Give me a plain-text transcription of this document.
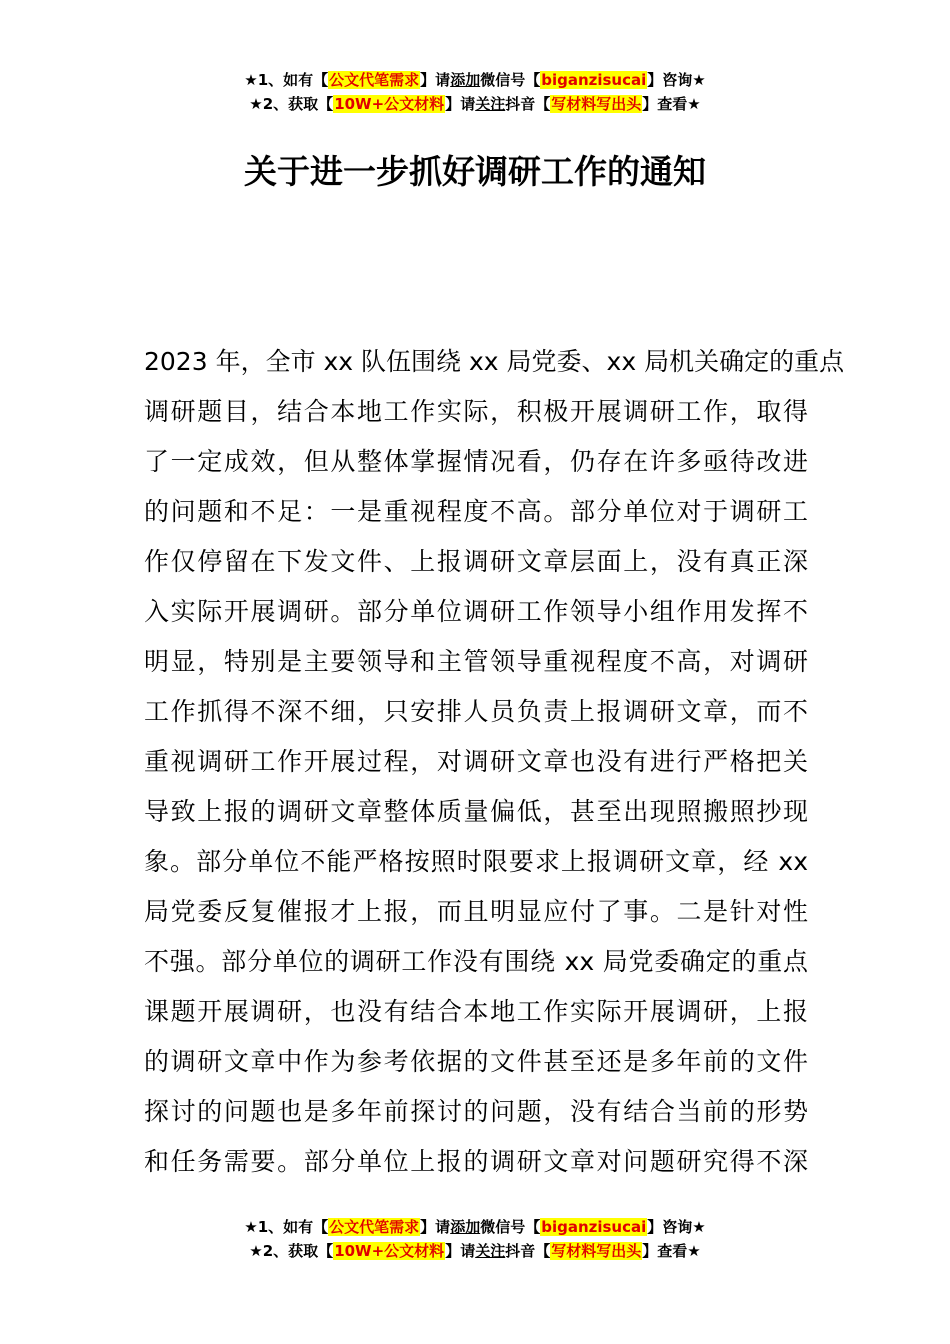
★1、如有【公文代笔需求】请添加微信号【biganzisucai】咨询★
★2、获取【10W+公文材料】请关注抖音【写材料写出头】查看★
关于进一步抓好调研工作的通知
2023 年，全市 xx 队伍围绕 xx 局党委、xx 局机关确定的重点
调研题目，结合本地工作实际，积极开展调研工作，取得
了一定成效，但从整体掌握情况看，仍存在许多亟待改进
的问题和不足：一是重视程度不高。部分单位对于调研工
作仅停留在下发文件、上报调研文章层面上，没有真正深
入实际开展调研。部分单位调研工作领导小组作用发挥不
明显，特别是主要领导和主管领导重视程度不高，对调研
工作抓得不深不细，只安排人员负责上报调研文章，而不
重视调研工作开展过程，对调研文章也没有进行严格把关
导致上报的调研文章整体质量偏低，甚至出现照搬照抄现
象。部分单位不能严格按照时限要求上报调研文章，经 xx
局党委反复催报才上报，而且明显应付了事。二是针对性
不强。部分单位的调研工作没有围绕 xx 局党委确定的重点
课题开展调研，也没有结合本地工作实际开展调研，上报
的调研文章中作为参考依据的文件甚至还是多年前的文件
探讨的问题也是多年前探讨的问题，没有结合当前的形势
和任务需要。部分单位上报的调研文章对问题研究得不深
★1、如有【公文代笔需求】请添加微信号【biganzisucai】咨询★
★2、获取【10W+公文材料】请关注抖音【写材料写出头】查看★
